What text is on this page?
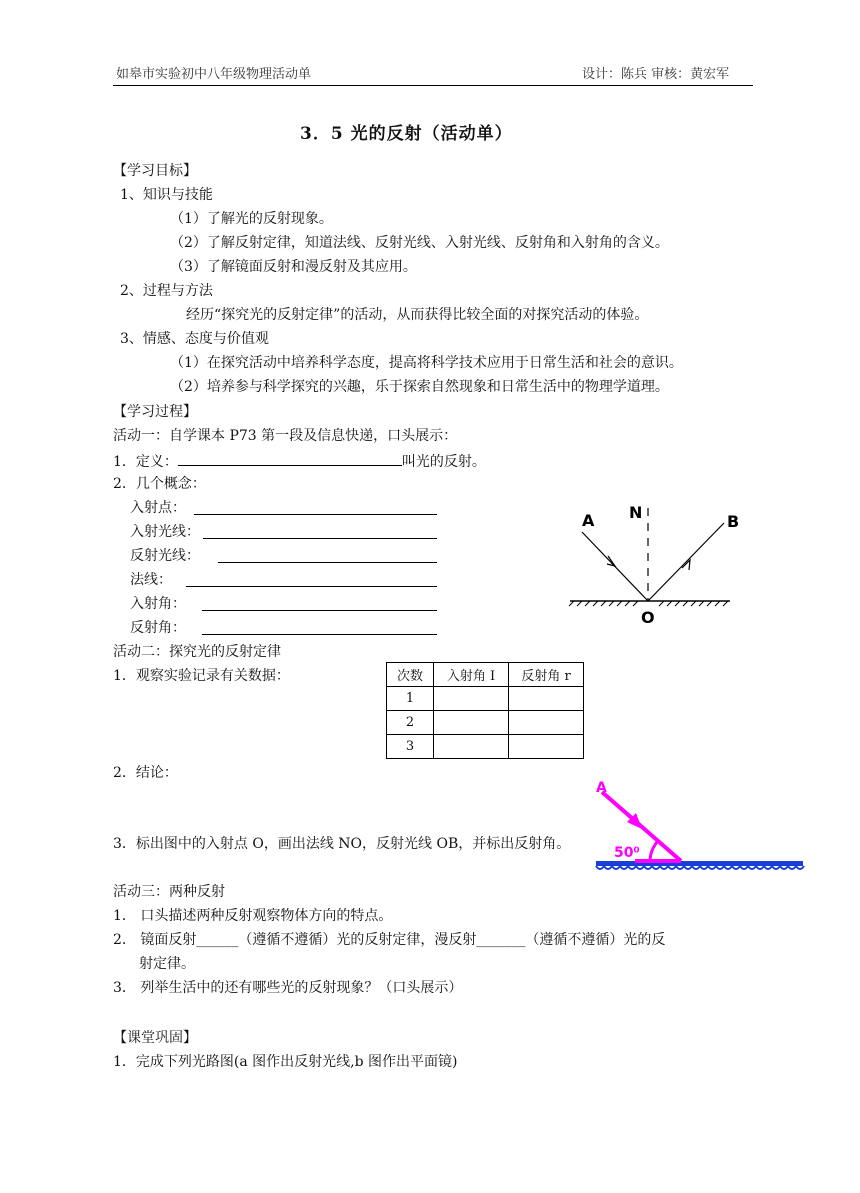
如皋市实验初中八年级物理活动单	设计：陈兵 审核：黄宏军
3．5 光的反射（活动单）
【学习目标】
1、知识与技能
（1）了解光的反射现象。
（2）了解反射定律，知道法线、反射光线、入射光线、反射角和入射角的含义。
（3）了解镜面反射和漫反射及其应用。
2、过程与方法
经历“探究光的反射定律”的活动，从而获得比较全面的对探究活动的体验。
3、情感、态度与价值观
（1）在探究活动中培养科学态度，提高将科学技术应用于日常生活和社会的意识。
（2）培养参与科学探究的兴趣，乐于探索自然现象和日常生活中的物理学道理。
【学习过程】
活动一：自学课本 P73 第一段及信息快递，口头展示：
1．定义：	叫光的反射。
2．几个概念：
入射点：
入射光线：
反射光线：
法线：
入射角：
反射角：
A N	B
O
活动二：探究光的反射定律
1．观察实验记录有关数据：	次数	入射角 I	反射角 r
1		
2		
3		
2．结论：
3．标出图中的入射点 O，画出法线 NO，反射光线 OB，并标出反射角。
A
50⁰
活动三：两种反射
1． 口头描述两种反射观察物体方向的特点。
2． 镜面反射______（遵循不遵循）光的反射定律，漫反射_______（遵循不遵循）光的反
射定律。
3． 列举生活中的还有哪些光的反射现象？（口头展示）
【课堂巩固】
1．完成下列光路图(a 图作出反射光线,b 图作出平面镜)
